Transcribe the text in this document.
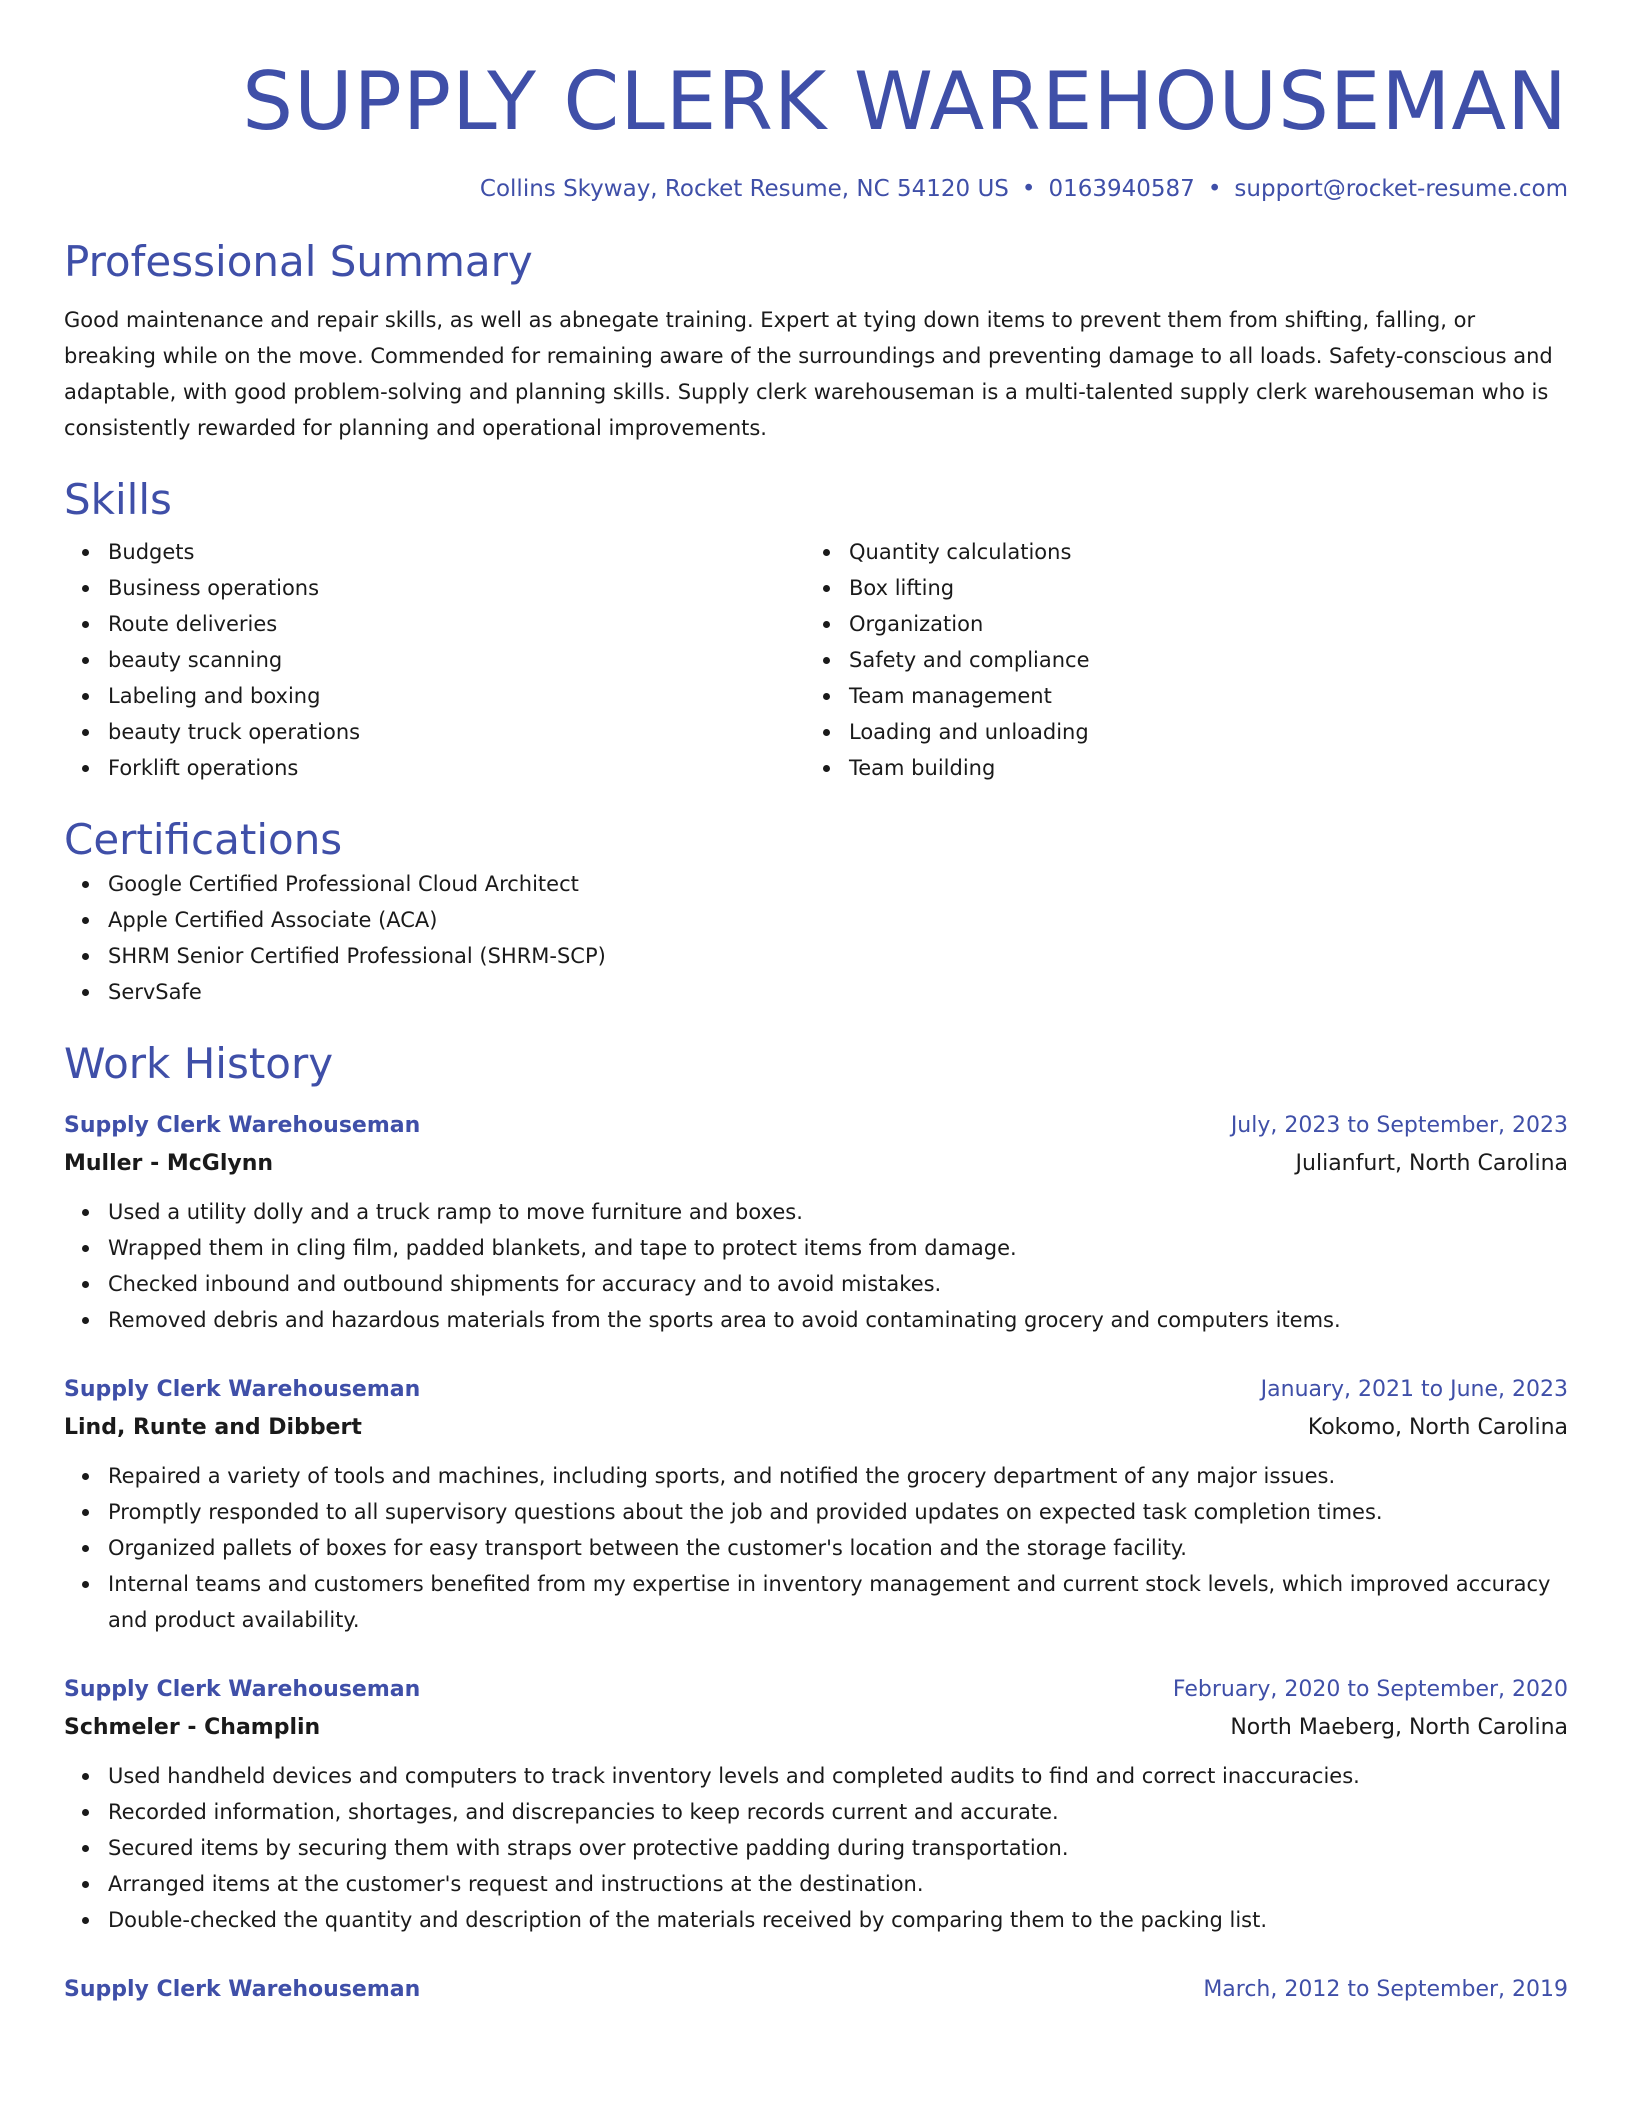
SUPPLY CLERK WAREHOUSEMAN
Collins Skyway, Rocket Resume, NC 54120 US • 0163940587 • support@rocket-resume.com
Professional Summary

Good maintenance and repair skills, as well as abnegate training. Expert at tying down items to prevent them from shifting, falling, or breaking while on the move. Commended for remaining aware of the surroundings and preventing damage to all loads. Safety-conscious and adaptable, with good problem-solving and planning skills. Supply clerk warehouseman is a multi-talented supply clerk warehouseman who is consistently rewarded for planning and operational improvements.

Skills
Budgets
Business operations
Route deliveries
beauty scanning
Labeling and boxing
beauty truck operations
Forklift operations
Quantity calculations
Box lifting
Organization
Safety and compliance
Team management
Loading and unloading
Team building
Certifications
Google Certified Professional Cloud Architect
Apple Certified Associate (ACA)
SHRM Senior Certified Professional (SHRM-SCP)
ServSafe
Work History
Supply Clerk Warehouseman	July, 2023 to September, 2023
Muller - McGlynn	Julianfurt, North Carolina
Used a utility dolly and a truck ramp to move furniture and boxes.
Wrapped them in cling film, padded blankets, and tape to protect items from damage.
Checked inbound and outbound shipments for accuracy and to avoid mistakes.
Removed debris and hazardous materials from the sports area to avoid contaminating grocery and computers items.
Supply Clerk Warehouseman	January, 2021 to June, 2023
Lind, Runte and Dibbert	Kokomo, North Carolina
Repaired a variety of tools and machines, including sports, and notified the grocery department of any major issues.
Promptly responded to all supervisory questions about the job and provided updates on expected task completion times.
Organized pallets of boxes for easy transport between the customer's location and the storage facility.
Internal teams and customers benefited from my expertise in inventory management and current stock levels, which improved accuracy and product availability.
Supply Clerk Warehouseman	February, 2020 to September, 2020
Schmeler - Champlin	North Maeberg, North Carolina
Used handheld devices and computers to track inventory levels and completed audits to find and correct inaccuracies.
Recorded information, shortages, and discrepancies to keep records current and accurate.
Secured items by securing them with straps over protective padding during transportation.
Arranged items at the customer's request and instructions at the destination.
Double-checked the quantity and description of the materials received by comparing them to the packing list.
Supply Clerk Warehouseman	March, 2012 to September, 2019
